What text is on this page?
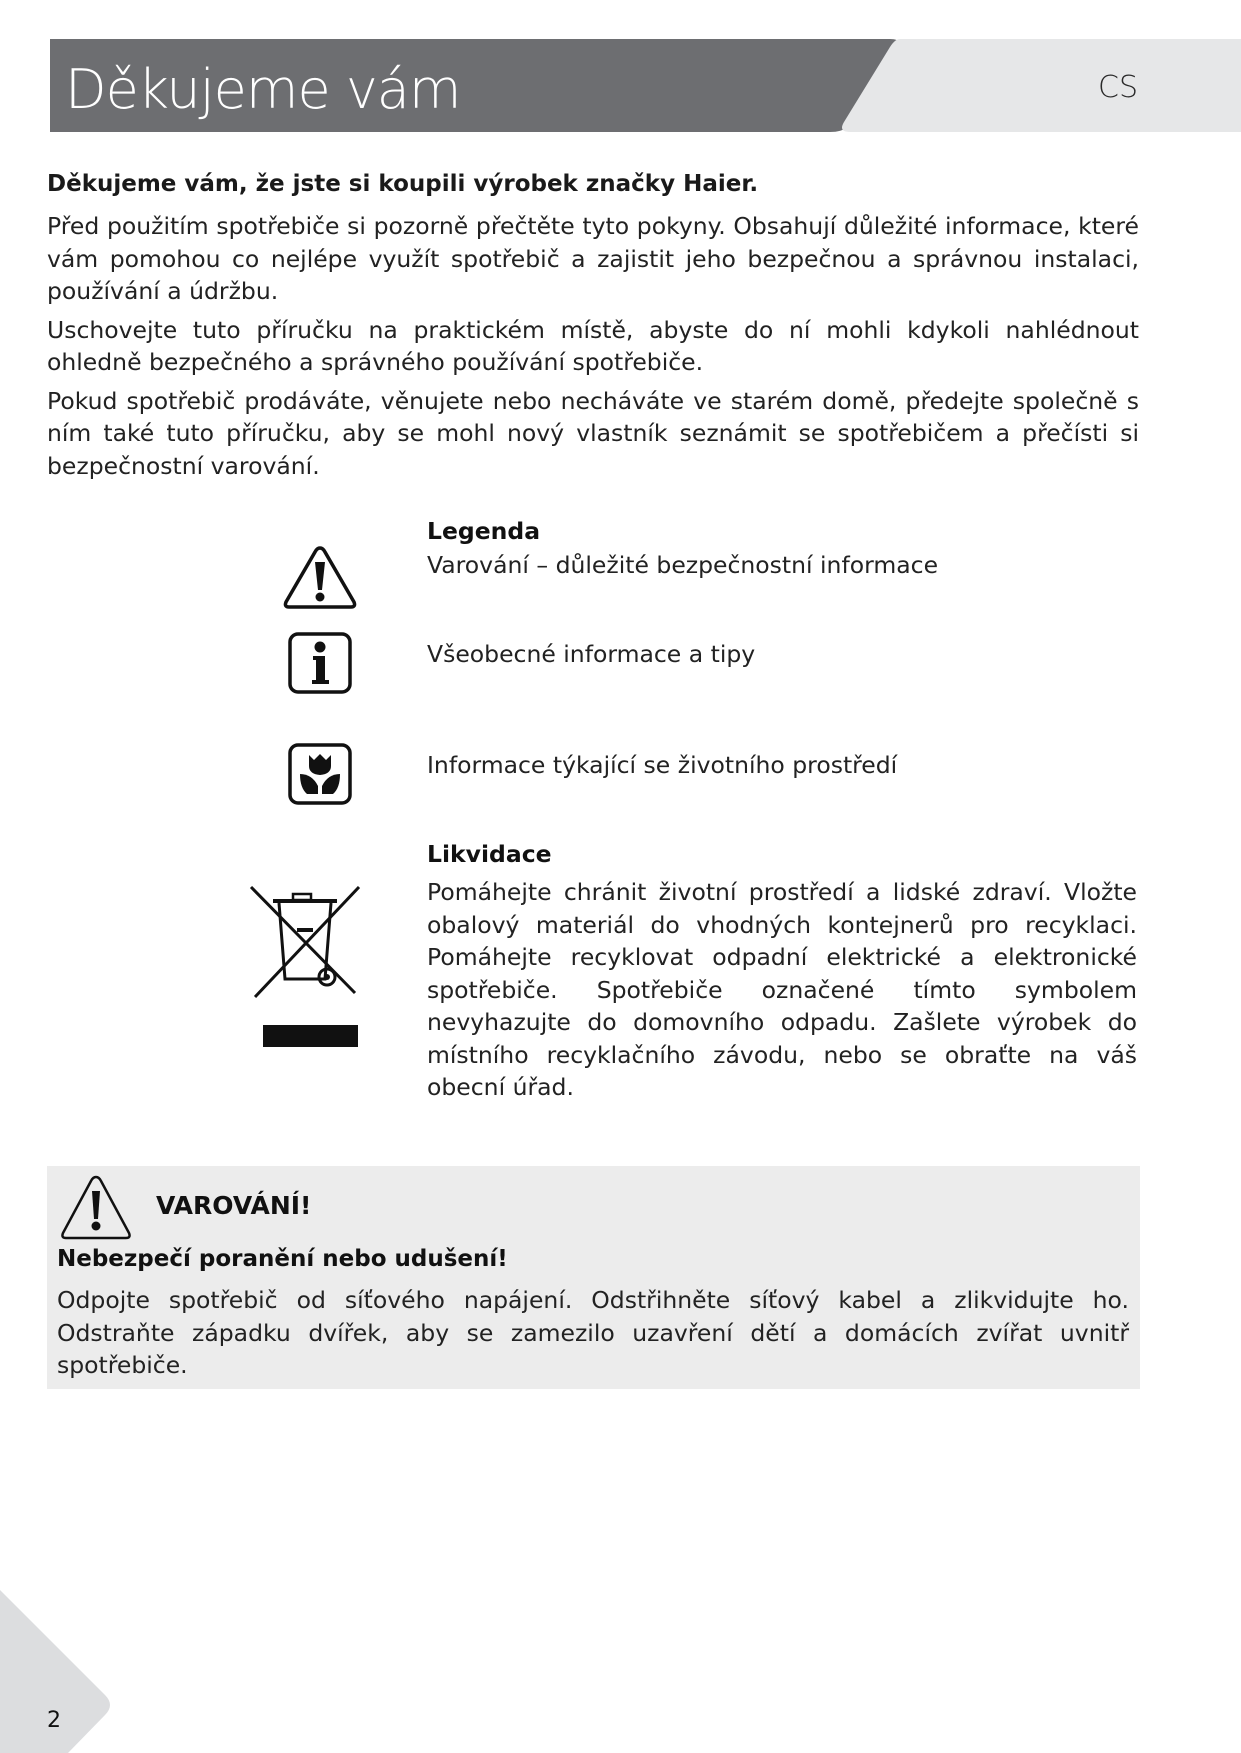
Děkujeme vám	CS
Děkujeme vám, že jste si koupili výrobek značky Haier.

Před použitím spotřebiče si pozorně přečtěte tyto pokyny. Obsahují důležité informace, které vám pomohou co nejlépe využít spotřebič a zajistit jeho bezpečnou a správnou instalaci, používání a údržbu.

Uschovejte tuto příručku na praktickém místě, abyste do ní mohli kdykoli nahlédnout ohledně bezpečného a správného používání spotřebiče.

Pokud spotřebič prodáváte, věnujete nebo necháváte ve starém domě, předejte společně s ním také tuto příručku, aby se mohl nový vlastník seznámit se spotřebičem a přečísti si bezpečnostní varování.

Legenda
Varování – důležité bezpečnostní informace
Všeobecné informace a tipy
Informace týkající se životního prostředí
Likvidace
Pomáhejte chránit životní prostředí a lidské zdraví. Vložte obalový materiál do vhodných kontejnerů pro recyklaci. Pomáhejte recyklovat odpadní elektrické a elektronické spotřebiče. Spotřebiče označené tímto symbolem nevyhazujte do domovního odpadu. Zašlete výrobek do místního recyklačního závodu, nebo se obraťte na váš obecní úřad.
VAROVÁNÍ!
Nebezpečí poranění nebo udušení!
Odpojte spotřebič od síťového napájení. Odstřihněte síťový kabel a zlikvidujte ho. Odstraňte západku dvířek, aby se zamezilo uzavření dětí a domácích zvířat uvnitř spotřebiče.
2
